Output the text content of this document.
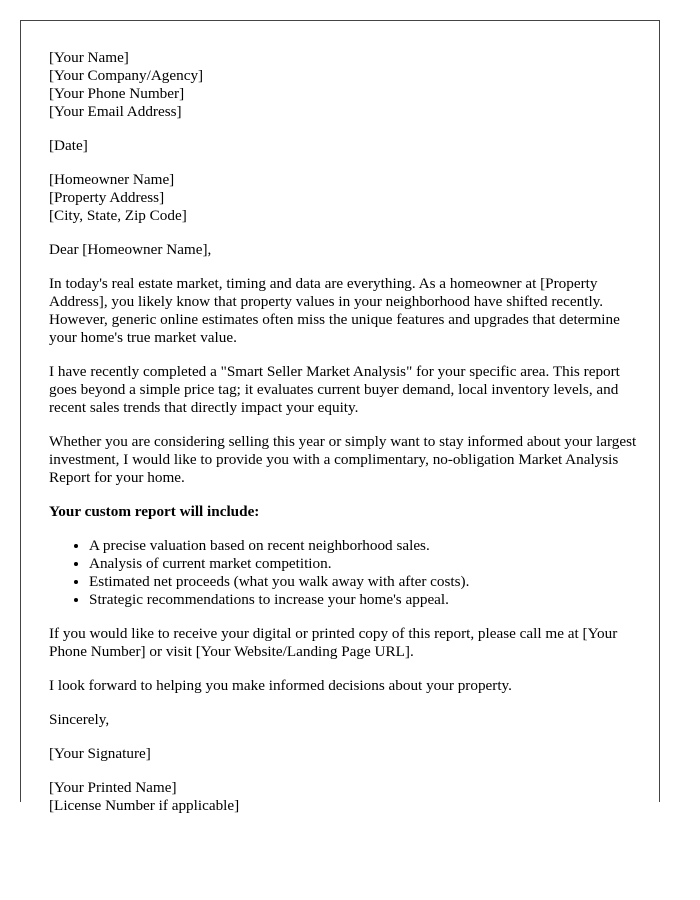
[Your Name]
[Your Company/Agency]
[Your Phone Number]
[Your Email Address]
[Date]
[Homeowner Name]
[Property Address]
[City, State, Zip Code]
Dear [Homeowner Name],
In today's real estate market, timing and data are everything. As a homeowner at [Property Address], you likely know that property values in your neighborhood have shifted recently. However, generic online estimates often miss the unique features and upgrades that determine your home's true market value.
I have recently completed a "Smart Seller Market Analysis" for your specific area. This report goes beyond a simple price tag; it evaluates current buyer demand, local inventory levels, and recent sales trends that directly impact your equity.
Whether you are considering selling this year or simply want to stay informed about your largest investment, I would like to provide you with a complimentary, no-obligation Market Analysis Report for your home.
Your custom report will include:
• A precise valuation based on recent neighborhood sales.
• Analysis of current market competition.
• Estimated net proceeds (what you walk away with after costs).
• Strategic recommendations to increase your home's appeal.
If you would like to receive your digital or printed copy of this report, please call me at [Your Phone Number] or visit [Your Website/Landing Page URL].
I look forward to helping you make informed decisions about your property.
Sincerely,
[Your Signature]
[Your Printed Name]
[License Number if applicable]
